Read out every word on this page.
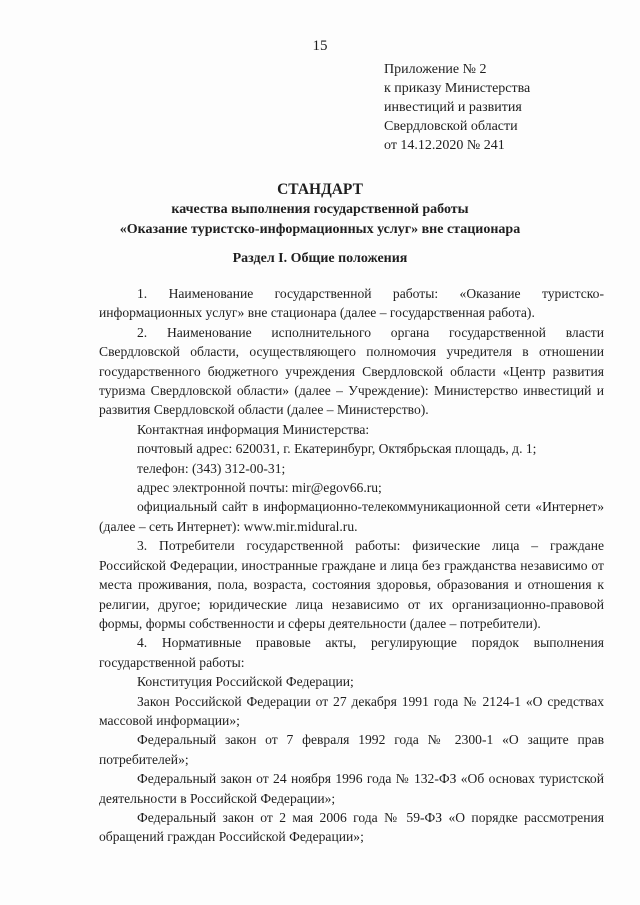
15
Приложение № 2
к приказу Министерства
инвестиций и развития
Свердловской области
от 14.12.2020 № 241
СТАНДАРТ
качества выполнения государственной работы
«Оказание туристско-информационных услуг» вне стационара
Раздел I. Общие положения

1. Наименование государственной работы: «Оказание туристско-информационных услуг» вне стационара (далее – государственная работа).

2. Наименование исполнительного органа государственной власти Свердловской области, осуществляющего полномочия учредителя в отношении государственного бюджетного учреждения Свердловской области «Центр развития туризма Свердловской области» (далее – Учреждение): Министерство инвестиций и развития Свердловской области (далее – Министерство).

Контактная информация Министерства:

почтовый адрес: 620031, г. Екатеринбург, Октябрьская площадь, д. 1;

телефон: (343) 312-00-31;

адрес электронной почты: mir@egov66.ru;

официальный сайт в информационно-телекоммуникационной сети «Интернет» (далее – сеть Интернет): www.mir.midural.ru.

3. Потребители государственной работы: физические лица – граждане Российской Федерации, иностранные граждане и лица без гражданства независимо от места проживания, пола, возраста, состояния здоровья, образования и отношения к религии, другое; юридические лица независимо от их организационно-правовой формы, формы собственности и сферы деятельности (далее – потребители).

4. Нормативные правовые акты, регулирующие порядок выполнения государственной работы:

Конституция Российской Федерации;

Закон Российской Федерации от 27 декабря 1991 года № 2124-1 «О средствах массовой информации»;

Федеральный закон от 7 февраля 1992 года № 2300-1 «О защите прав потребителей»;

Федеральный закон от 24 ноября 1996 года № 132-ФЗ «Об основах туристской деятельности в Российской Федерации»;

Федеральный закон от 2 мая 2006 года № 59-ФЗ «О порядке рассмотрения обращений граждан Российской Федерации»;
